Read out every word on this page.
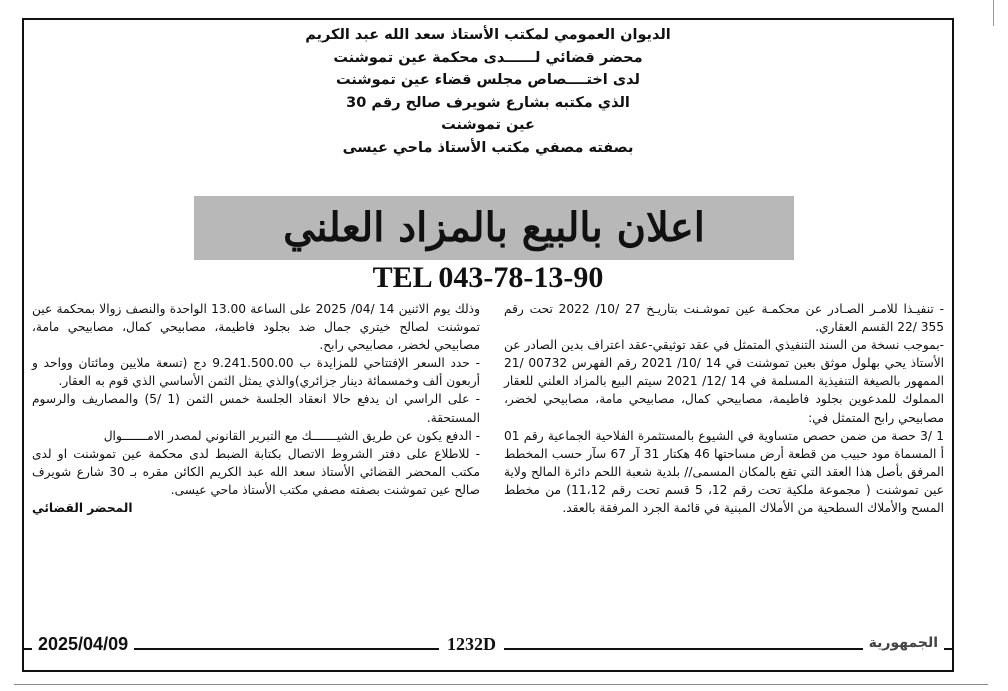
الديوان العمومي لمكتب الأستاذ سعد الله عبد الكريم
محضر قضائي لــــــدى محكمة عين تموشنت
لدى اختــــصاص مجلس قضاء عين تموشنت
الذي مكتبه بشارع شويرف صالح رقم 30
عين تموشنت
بصفته مصفي مكتب الأستاذ ماحي عيسى
اعلان بالبيع بالمزاد العلني
TEL 043-78-13-90

- تنفيـذا للامـر الصـادر عن محكمـة عين تموشـنت بتاريـخ 27 /10/ 2022 تحت رقم 355 /22 القسم العقاري.

-بموجب نسخة من السند التنفيذي المتمثل في عقد توثيقي-عقد اعتراف بدين الصادر عن الأستاذ يحي بهلول موثق بعين تموشنت في 14 /10/ 2021 رقم الفهرس 00732 /21 الممهور بالصيغة التنفيذية المسلمة في 14 /12/ 2021 سيتم البيع بالمزاد العلني للعقار المملوك للمدعوين بجلود فاطيمة، مصابيحي كمال، مصابيحي مامة، مصابيحي لخضر، مصابيحي رابح المتمثل في:

1 /3 حصة من ضمن حصص متساوية في الشيوع بالمستثمرة الفلاحية الجماعية رقم 01 أ المسماة مود حبيب من قطعة أرض مساحتها 46 هكتار 31 آر 67 سآر حسب المخطط المرفق بأصل هذا العقد التي تقع بالمكان المسمى// بلدية شعبة اللحم دائرة المالح ولاية عين تموشنت ( مجموعة ملكية تحت رقم 12، 5 قسم تحت رقم 11،12) من مخطط المسح والأملاك السطحية من الأملاك المبنية في قائمة الجرد المرفقة بالعقد.

وذلك يوم الاثنين 14 /04/ 2025 على الساعة 13.00 الواحدة والنصف زوالا بمحكمة عين تموشنت لصالح خيتري جمال ضد بجلود فاطيمة، مصابيحي كمال، مصابيحي مامة، مصابيحي لخضر، مصابيحي رابح.

- حدد السعر الإفتتاحي للمزايدة ب 9.241.500.00 دج (تسعة ملايين ومائتان وواحد و أربعون ألف وخمسمائة دينار جزائري)والذي يمثل الثمن الأساسي الذي قوم به العقار.

- على الراسي ان يدفع حالا انعقاد الجلسة خمس الثمن (1 /5) والمصاريف والرسوم المستحقة.

- الدفع يكون عن طريق الشيـــــــك مع التبرير القانوني لمصدر الامـــــــوال

- للاطلاع على دفتر الشروط الاتصال بكتابة الضبط لدى محكمة عين تموشنت او لدى مكتب المحضر القضائي الأستاذ سعد الله عبد الكريم الكائن مقره بـ 30 شارع شويرف صالح عين تموشنت بصفته مصفي مكتب الأستاذ ماحي عيسى.

المحضر القضائي

2025/04/09	1232D	الجمهورية
